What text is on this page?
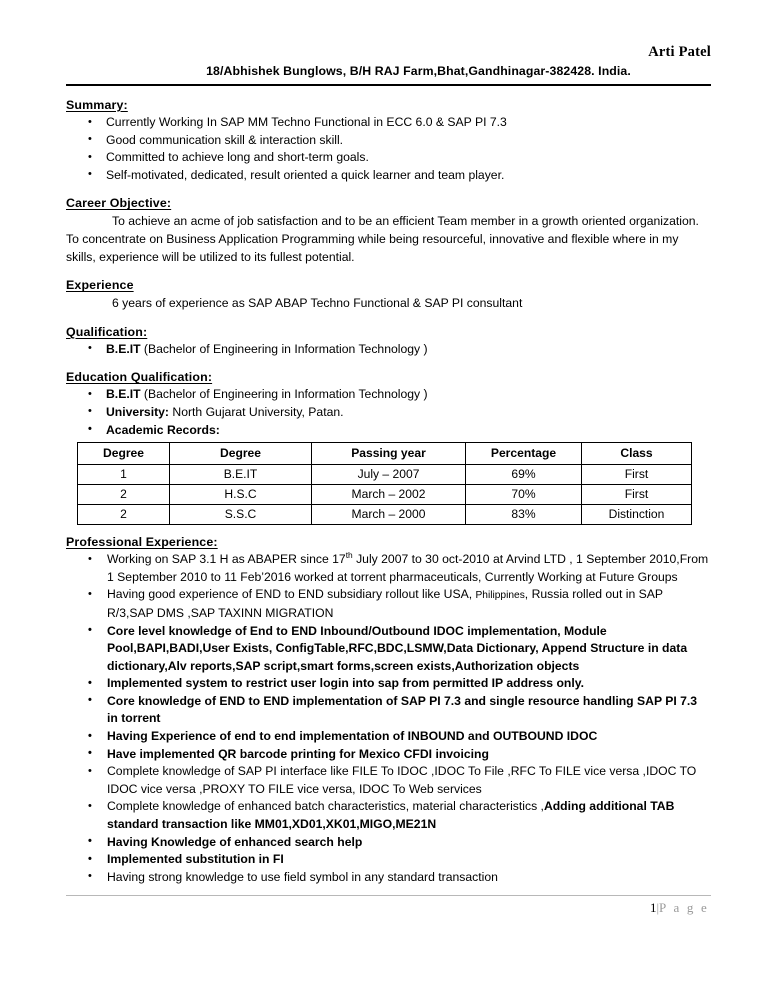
Arti Patel
18/Abhishek Bunglows, B/H RAJ Farm,Bhat,Gandhinagar-382428. India.
Summary:
• Currently Working In SAP MM Techno Functional in ECC 6.0 & SAP PI 7.3
• Good communication skill & interaction skill.
• Committed to achieve long and short-term goals.
• Self-motivated, dedicated, result oriented a quick learner and team player.
Career Objective:
To achieve an acme of job satisfaction and to be an efficient Team member in a growth oriented organization. To concentrate on Business Application Programming while being resourceful, innovative and flexible where in my skills, experience will be utilized to its fullest potential.
Experience
6 years of experience as SAP ABAP Techno Functional & SAP PI consultant
Qualification:
• B.E.IT (Bachelor of Engineering in Information Technology )
Education Qualification:
• B.E.IT (Bachelor of Engineering in Information Technology )
• University: North Gujarat University, Patan.
• Academic Records:
Degree	Degree	Passing year	Percentage	Class
1	B.E.IT	July – 2007	69%	First
2	H.S.C	March – 2002	70%	First
2	S.S.C	March – 2000	83%	Distinction
Professional Experience:
• Working on SAP 3.1 H as ABAPER since 17th July 2007 to 30 oct-2010 at Arvind LTD , 1 September 2010,From 1 September 2010 to 11 Feb’2016 worked at torrent pharmaceuticals, Currently Working at Future Groups
• Having good experience of END to END subsidiary rollout like USA, Philippines, Russia rolled out in SAP R/3,SAP DMS ,SAP TAXINN MIGRATION
• Core level knowledge of End to END Inbound/Outbound IDOC implementation, Module Pool,BAPI,BADI,User Exists, ConfigTable,RFC,BDC,LSMW,Data Dictionary, Append Structure in data dictionary,Alv reports,SAP script,smart forms,screen exists,Authorization objects
• Implemented system to restrict user login into sap from permitted IP address only.
• Core knowledge of END to END implementation of SAP PI 7.3 and single resource handling SAP PI 7.3 in torrent
• Having Experience of end to end implementation of INBOUND and OUTBOUND IDOC
• Have implemented QR barcode printing for Mexico CFDI invoicing
• Complete knowledge of SAP PI interface like FILE To IDOC ,IDOC To File ,RFC To FILE vice versa ,IDOC TO IDOC vice versa ,PROXY TO FILE vice versa, IDOC To Web services
• Complete knowledge of enhanced batch characteristics, material characteristics ,Adding additional TAB standard transaction like MM01,XD01,XK01,MIGO,ME21N
• Having Knowledge of enhanced search help
• Implemented substitution in FI
• Having strong knowledge to use field symbol in any standard transaction
1|P a g e
